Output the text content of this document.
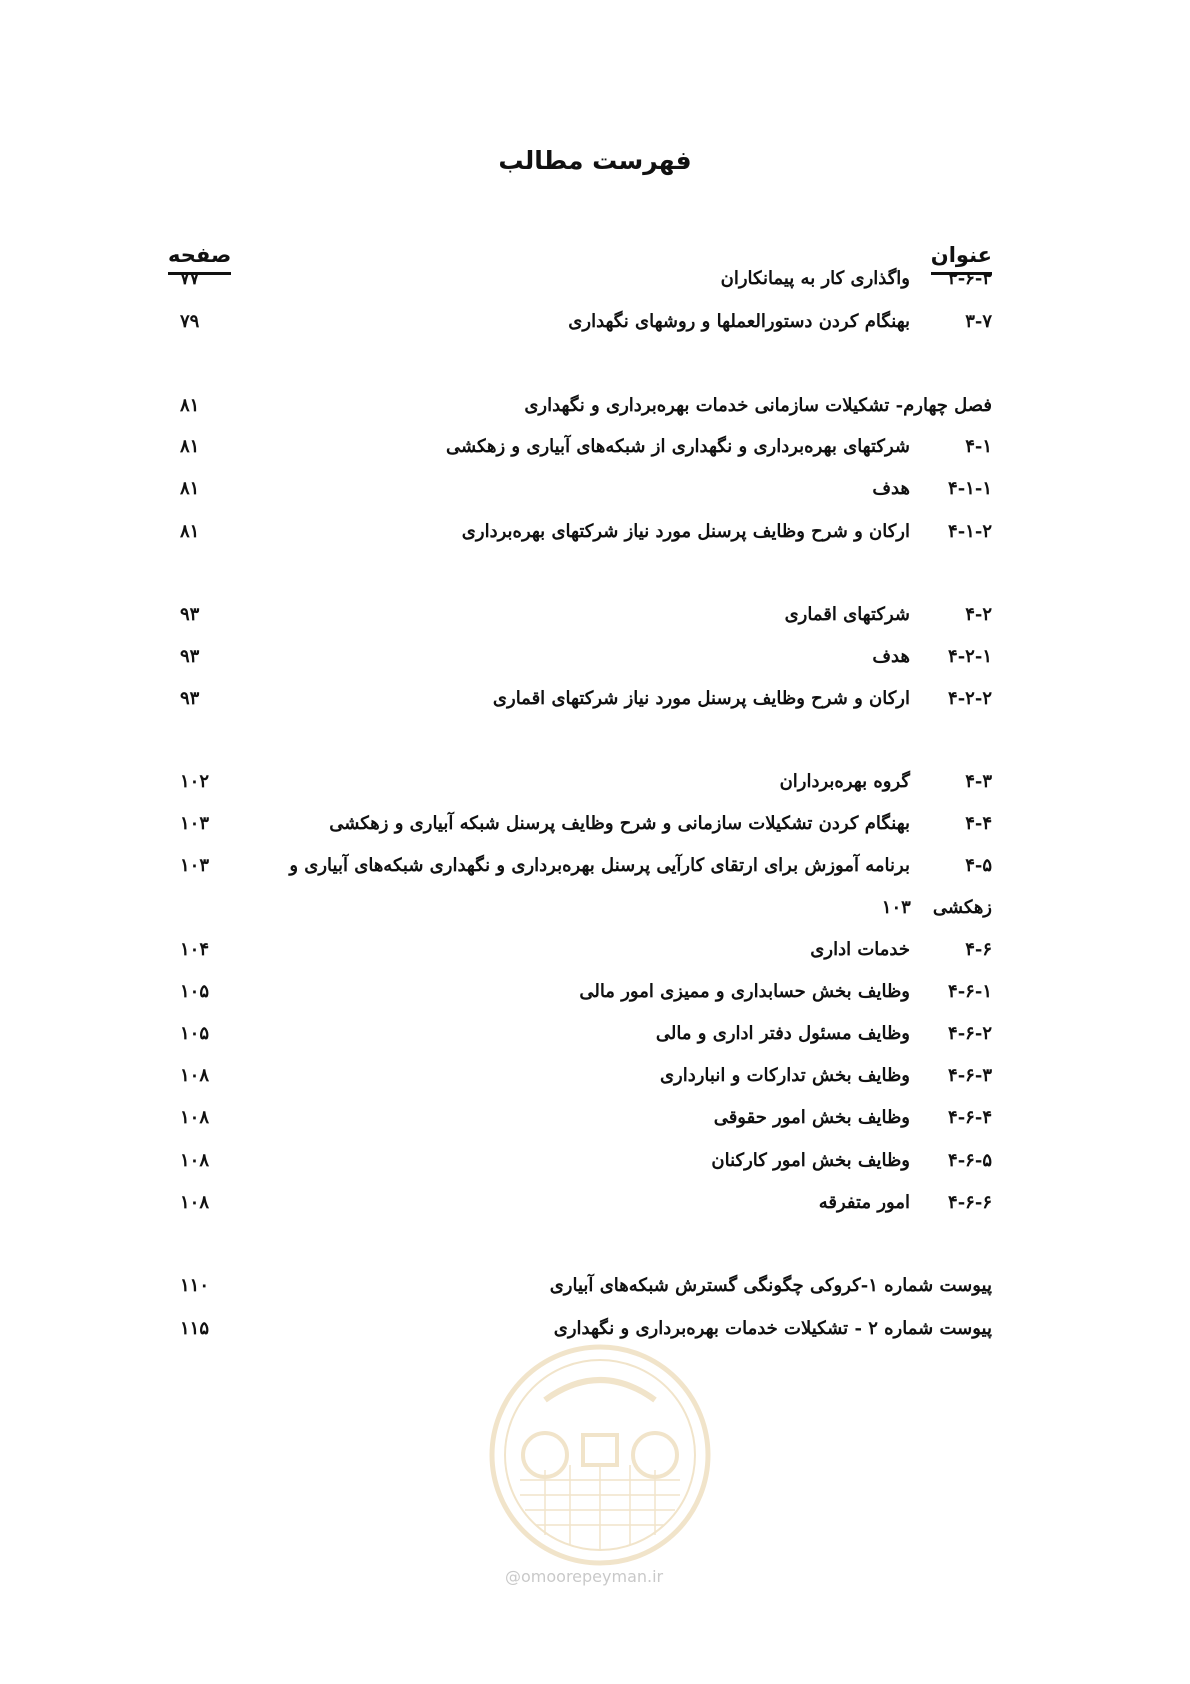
فهرست مطالب
عنوان
صفحه
۳-۶-۳واگذاری کار به پیمانکاران
۷۷
۳-۷بهنگام کردن دستورالعملها و روشهای نگهداری
۷۹
فصل چهارم- تشکیلات سازمانی خدمات بهره‌برداری و نگهداری
۸۱
۴-۱شرکتهای بهره‌برداری و نگهداری از شبکه‌های آبیاری و زهکشی
۸۱
۴-۱-۱هدف
۸۱
۴-۱-۲ارکان و شرح وظایف پرسنل مورد نیاز شرکتهای بهره‌برداری
۸۱
۴-۲شرکتهای اقماری
۹۳
۴-۲-۱هدف
۹۳
۴-۲-۲ارکان و شرح وظایف پرسنل مورد نیاز شرکتهای اقماری
۹۳
۴-۳گروه بهره‌برداران
۱۰۲
۴-۴بهنگام کردن تشکیلات سازمانی و شرح وظایف پرسنل شبکه آبیاری و زهکشی
۱۰۳
۴-۵برنامه آموزش برای ارتقای کارآیی پرسنل بهره‌برداری و نگهداری شبکه‌های آبیاری و
۱۰۳
زهکشی۱۰۳
۴-۶خدمات اداری
۱۰۴
۴-۶-۱وظایف بخش حسابداری و ممیزی امور مالی
۱۰۵
۴-۶-۲وظایف مسئول دفتر اداری و مالی
۱۰۵
۴-۶-۳وظایف بخش تدارکات و انبارداری
۱۰۸
۴-۶-۴وظایف بخش امور حقوقی
۱۰۸
۴-۶-۵وظایف بخش امور کارکنان
۱۰۸
۴-۶-۶امور متفرقه
۱۰۸
پیوست شماره ۱-کروکی چگونگی گسترش شبکه‌های آبیاری
۱۱۰
پیوست شماره ۲ - تشکیلات خدمات بهره‌برداری و نگهداری
۱۱۵
@omoorepeyman.ir
